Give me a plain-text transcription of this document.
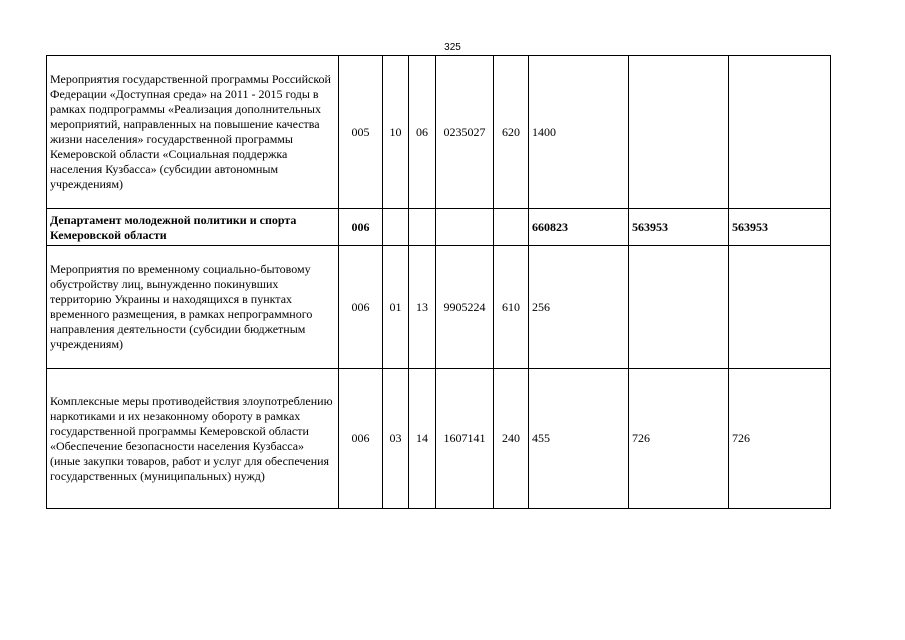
325
Мероприятия государственной программы Российской Федерации «Доступная среда» на 2011 - 2015 годы в рамках подпрограммы «Реализация дополнительных мероприятий, направленных на повышение качества жизни населения» государственной программы Кемеровской области «Социальная поддержка населения Кузбасса» (субсидии автономным учреждениям)	005	10	06	0235027	620	1400		
Департамент молодежной политики и спорта Кемеровской области	006					660823	563953	563953
Мероприятия по временному социально-бытовому обустройству лиц, вынужденно покинувших территорию Украины и находящихся в пунктах временного размещения, в рамках непрограммного направления деятельности (субсидии бюджетным учреждениям)	006	01	13	9905224	610	256		
Комплексные меры противодействия злоупотреблению наркотиками и их незаконному обороту в рамках государственной программы Кемеровской области «Обеспечение безопасности населения Кузбасса» (иные закупки товаров, работ и услуг для обеспечения государственных (муниципальных) нужд)	006	03	14	1607141	240	455	726	726
